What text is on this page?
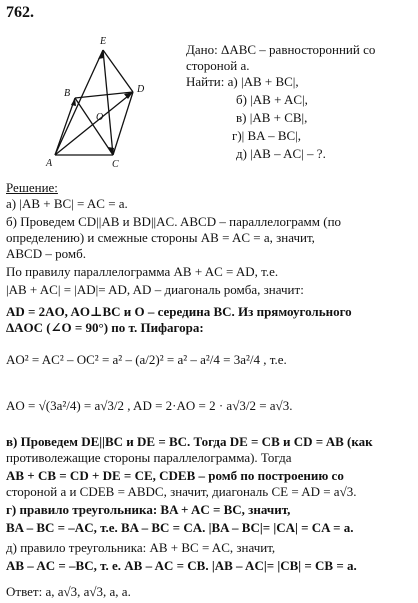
762.
E
B	D
O
A	C
Дано: ΔАВС – равносторонний со
стороной а.
Найти: а) |AB + BC|,
б) |AB + AC|,
в) |AB + CB|,
г)| BA – BC|,
д) |AB – AC| – ?.
Решение:
а) |AB + BC| = AC = а.
б) Проведем CD||AB и BD||AC. ABCD – параллелограмм (по
определению) и смежные стороны AB = AC = а, значит,
ABCD – ромб.
По правилу параллелограмма AB + AC = AD, т.е.
|AB + AC| = |AD|= AD, AD – диагональ ромба, значит:
AD = 2AO, AO⊥BC и O – середина BC. Из прямоугольного
ΔAOC (∠O = 90°) по т. Пифагора:
AO² = AC² – OC² = a² – (a/2)² = a² – a²/4 = 3a²/4 , т.е.
AO = √(3a²/4) = a√3/2 , AD = 2·AO = 2 · a√3/2 = a√3.
в) Проведем DE||BC и DE = BC. Тогда DE = CB и CD = AB (как
противолежащие стороны параллелограмма). Тогда
AB + CB = CD + DE = CE, CDEB – ромб по построению со
стороной а и CDEB = ABDC, значит, диагональ CE = AD = а√3.
г) правило треугольника: BA + AC = BC, значит,
BA – BC = –AC, т.е. BA – BC = CA. |BA – BC|= |CA| = CA = а.
д) правило треугольника: AB + BC = AC, значит,
AB – AC = –BC, т. е. AB – AC = CB. |AB – AC|= |CB| = CB = а.
Ответ: а, а√3, а√3, а, а.
